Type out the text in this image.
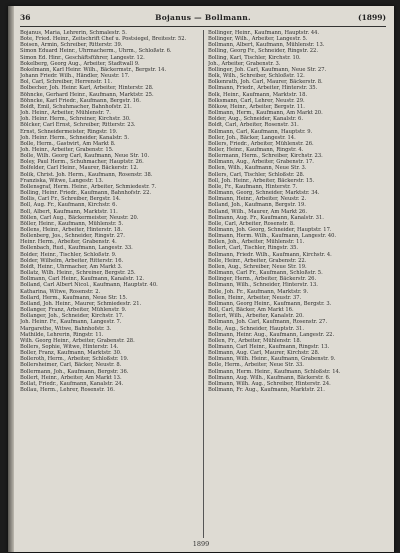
36	Bojanus — Bollmann.	(1899)

Bojanus, Maria, Lehrerin, Schmalestr. 5.

Bote, Fried. Heinr., Zeitschrift Chef u. Postsiegel, Breitestr. 52.

Boisen, Armin, Schreiber, Ritterstr. 39.

Simon Eduard Heinr., Uhrmacherm., Uhrm., Schloßstr. 6.

Simon Ed. Hinr., Geschäftsführer, Langestr. 12.

Bokelberg, Georg Aug., Arbeiter, Stadtwall 9.

Bokelmann, Karl Heinr. Wilh., Bäckermstr., Bergstr. 14.

Johann Friedr. Wilh., Händler, Neustr. 17.

Bol, Carl, Schreiber, Herrenstr. 11.

Bolbecher, Joh. Heinr. Karl, Arbeiter, Hinterstr. 28.

Böhncke, Gerhard Heinr., Kaufmann, Marktstr. 25.

Böhncke, Karl Friedr., Kaufmann, Bergstr. 16.

Boldt, Emil, Schuhmacher, Bahnhofstr. 21.

Joh. Heinr., Arbeiter, Mühlenstr. 7.

Joh. Heinr. Herm., Schreiner, Kirchstr. 30.

Bölcker, Carl Ernst, Schreiber, Ritterstr. 23.

Ernst, Schneidermeister, Ringstr. 19.

Joh. Heinr. Herm., Schneider, Kanalstr. 5.

Bolle, Herm., Gastwirt, Am Markt 8.

Joh. Heinr., Arbeiter, Grabenstr. 15.

Bolle, Wilh. Georg Carl, Kaufmann, Neue Str. 10.

Boley, Paul Herm., Schuhmacher, Hauptstr. 26.

Bolfelder, Carl Heinr., Maurer, Bäckerstr. 12.

Bolik, Christ. Joh. Herm., Kaufmann, Rosenstr. 38.

Franziska, Witwe, Langestr. 13.

Bollensgraf, Herm. Heinr., Arbeiter, Schmiedestr. 7.

Bolling, Heinr. Friedr., Kaufmann, Bahnhofstr. 22.

Bollis, Carl Fr., Schreiber, Bergstr. 14.

Boll, Aug. Fr., Kaufmann, Kirchstr. 6.

Boll, Albert, Kaufmann, Marktstr. 11.

Böllen, Carl Aug., Bäckermeister, Neustr. 20.

Böller, Heinr., Kaufmann, Mühlenstr. 5.

Bollens, Heinr., Arbeiter, Hinterstr. 18.

Bollenberg, Jos., Schneider, Ringstr. 27.

Heinr. Herm., Arbeiter, Grabenstr. 4.

Bollenbach, Rud., Kaufmann, Langestr. 33.

Bolder, Heinr., Tischler, Schloßstr. 9.

Bolder, Wilhelm, Arbeiter, Ritterstr. 16.

Boldt, Heinr., Uhrmacher, Am Markt 3.

Bollatz, Wilh. Heinr., Schreiner, Bergstr. 25.

Bollmann, Carl Heinr., Kaufmann, Kanalstr. 12.

Bolland, Carl Albert Nicol., Kaufmann, Hauptstr. 40.

Katharina, Witwe, Rosenstr. 2.

Bollard, Herm., Kaufmann, Neue Str. 15.

Bolland, Joh. Heinr., Maurer, Schmiedestr. 21.

Bollanger, Franz, Arbeiter, Mühlenstr. 9.

Bollanger, Joh., Schneider, Kirchstr. 17.

Joh. Heinr. Fr., Kaufmann, Langestr. 7.

Margarethe, Witwe, Bahnhofstr. 3.

Mathilde, Lehrerin, Ringstr. 11.

Wilh. Georg Heinr., Arbeiter, Grabenstr. 28.

Bollers, Sophie, Witwe, Hinterstr. 14.

Boller, Franz, Kaufmann, Marktstr. 30.

Bolleroth, Herm., Arbeiter, Schloßstr. 19.

Bollersheimer, Carl, Bäcker, Neustr. 8.

Bollermann, Joh., Kaufmann, Bergstr. 36.

Bollert, Heinr., Arbeiter, Am Markt 13.

Bollat, Friedr., Kaufmann, Kanalstr. 24.

Bollau, Herm., Lehrer, Rosenstr. 16.

Bollinger, Heinr., Kaufmann, Hauptstr. 44.

Bollinger, Wilh., Arbeiter, Langestr. 5.

Bollmann, Albert, Kaufmann, Mühlenstr. 13.

Bolling, Georg Fr., Schneider, Ringstr. 22.

Bolling, Karl, Tischler, Kirchstr. 10.

Joh., Arbeiter, Grabenstr. 3.

Bollinger, Joh. Carl, Kaufmann, Neue Str. 27.

Bolk, Wilh., Schreiber, Schloßstr. 12.

Bolkenrath, Joh. Carl, Maurer, Bäckerstr. 8.

Bollmann, Friedr., Arbeiter, Hinterstr. 35.

Bolk, Heinr., Kaufmann, Marktstr. 18.

Bolksmann, Carl, Lehrer, Neustr. 29.

Bölkow, Heinr., Arbeiter, Bergstr. 11.

Bollmann, Herm., Kaufmann, Am Markt 20.

Bolder, Aug., Schneider, Kanalstr. 6.

Boldt, Carl, Arbeiter, Rosenstr. 31.

Bollmann, Carl, Kaufmann, Hauptstr. 9.

Boller, Joh., Bäcker, Langestr. 14.

Bollers, Friedr., Arbeiter, Mühlenstr. 26.

Boller, Heinr., Kaufmann, Ringstr. 4.

Bollermann, Herm., Schreiber, Kirchstr. 23.

Bollmann, Aug., Arbeiter, Grabenstr. 17.

Bollen, Wilh., Kaufmann, Neue Str. 3.

Bollers, Carl, Tischler, Schloßstr. 28.

Boll, Joh. Heinr., Arbeiter, Bäckerstr. 15.

Bolle, Fr., Kaufmann, Hinterstr. 7.

Bollmann, Georg, Schneider, Marktstr. 34.

Bollmann, Heinr., Arbeiter, Neustr. 2.

Bolland, Joh., Kaufmann, Bergstr. 19.

Bolland, Wilh., Maurer, Am Markt 26.

Bollmann, Aug. Fr., Kaufmann, Kanalstr. 31.

Bolle, Carl, Arbeiter, Rosenstr. 8.

Bollmann, Joh. Georg, Schneider, Hauptstr. 17.

Bollmann, Herm. Wilh., Kaufmann, Langestr. 40.

Bollen, Joh., Arbeiter, Mühlenstr. 11.

Bollert, Carl, Tischler, Ringstr. 35.

Bollmann, Friedr. Wilh., Kaufmann, Kirchstr. 4.

Bolle, Heinr., Arbeiter, Grabenstr. 22.

Bollen, Aug., Schreiber, Neue Str. 19.

Bollmann, Carl Fr., Kaufmann, Schloßstr. 5.

Bollinger, Herm., Arbeiter, Bäckerstr. 26.

Bollmann, Wilh., Schneider, Hinterstr. 13.

Bolle, Joh. Fr., Kaufmann, Marktstr. 9.

Bollen, Heinr., Arbeiter, Neustr. 37.

Bollmann, Georg Heinr., Kaufmann, Bergstr. 3.

Boll, Carl, Bäcker, Am Markt 16.

Bollert, Wilh., Arbeiter, Kanalstr. 20.

Bollmann, Joh. Carl, Kaufmann, Rosenstr. 27.

Bolle, Aug., Schneider, Hauptstr. 31.

Bollmann, Heinr. Aug., Kaufmann, Langestr. 22.

Bollen, Fr., Arbeiter, Mühlenstr. 18.

Bollmann, Carl Heinr., Kaufmann, Ringstr. 13.

Bollmann, Aug. Carl, Maurer, Kirchstr. 28.

Bollmann, Wilh. Heinr., Kaufmann, Grabenstr. 9.

Bolle, Herm., Arbeiter, Neue Str. 33.

Bollmann, Herm. Heinr., Kaufmann, Schloßstr. 14.

Bollmann, Aug. Wilh., Kaufmann, Bäckerstr. 6.

Bollmann, Wilh. Aug., Schreiber, Hinterstr. 24.

Bollmann, Fr. Aug., Kaufmann, Marktstr. 21.

1899
